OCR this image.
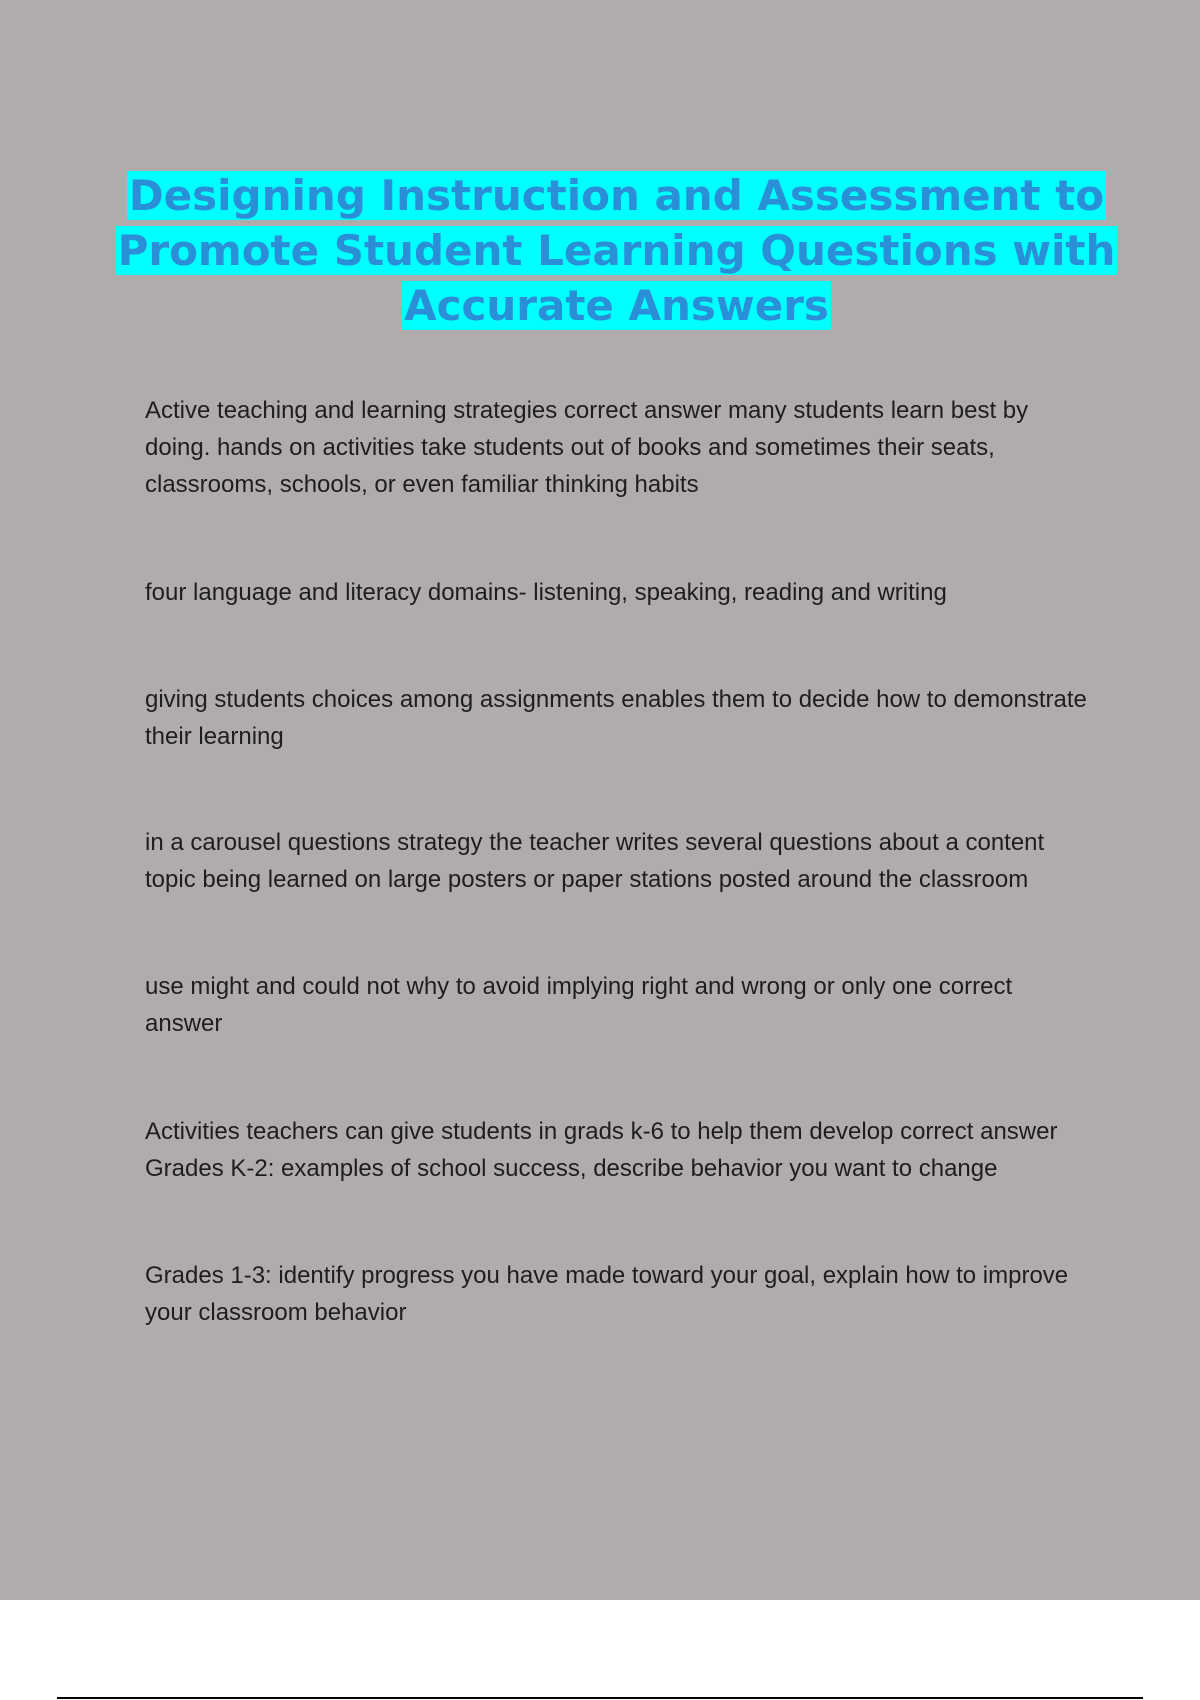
Designing Instruction and Assessment to Promote Student Learning Questions with Accurate Answers

Active teaching and learning strategies correct answer many students learn best by doing. hands on activities take students out of books and sometimes their seats, classrooms, schools, or even familiar thinking habits

four language and literacy domains- listening, speaking, reading and writing

giving students choices among assignments enables them to decide how to demonstrate their learning

in a carousel questions strategy the teacher writes several questions about a content topic being learned on large posters or paper stations posted around the classroom

use might and could not why to avoid implying right and wrong or only one correct answer

Activities teachers can give students in grads k-6 to help them develop correct answer Grades K-2: examples of school success, describe behavior you want to change

Grades 1-3: identify progress you have made toward your goal, explain how to improve your classroom behavior
